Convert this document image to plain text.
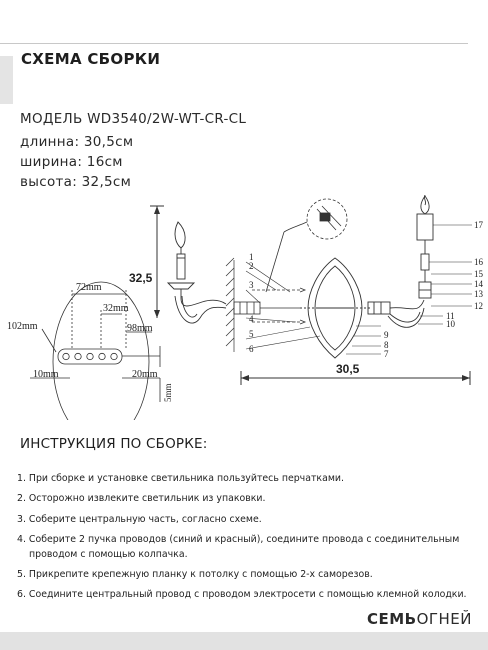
СХЕМА СБОРКИ
МОДЕЛЬ WD3540/2W-WT-CR-CL
длинна: 30,5см
ширина: 16см
высота: 32,5см
32,5
1
2
3
4
5
6	7
8
9
10
11
12
13
14
15
16
17
30,5
72mm
32mm
98mm
102mm
10mm	20mm
5mm
ИНСТРУКЦИЯ ПО СБОРКЕ:
1. При сборке и установке светильника пользуйтесь перчатками.
2. Осторожно извлеките светильник из упаковки.
3. Соберите центральную часть, согласно схеме.
4. Соберите 2 пучка проводов (синий и красный), соедините провода с соединительным
проводом с помощью колпачка.
5. Прикрепите крепежную планку к потолку с помощью 2-х саморезов.
6. Соедините центральный провод с проводом электросети с помощью клемной колодки.
СЕМЬОГНЕЙ
